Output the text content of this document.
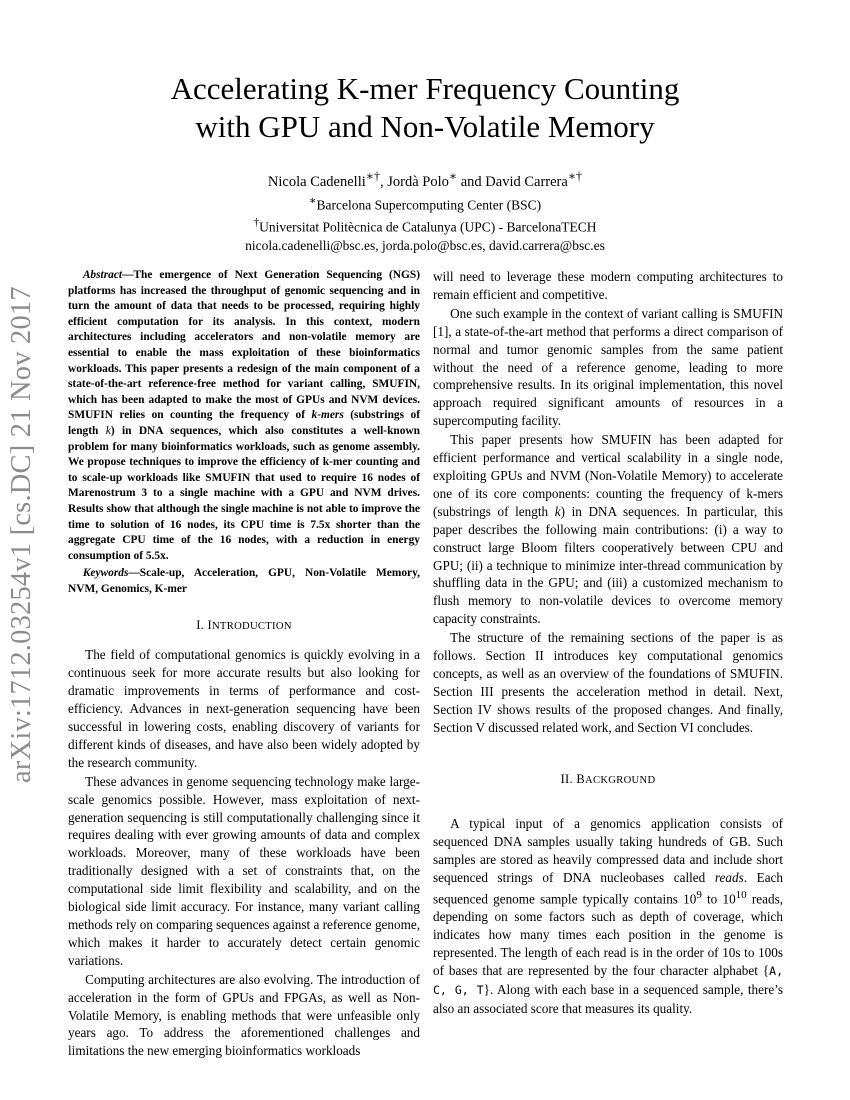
arXiv:1712.03254v1 [cs.DC] 21 Nov 2017
Accelerating K-mer Frequency Counting
with GPU and Non-Volatile Memory
Nicola Cadenelli∗†, Jordà Polo∗ and David Carrera∗†
∗Barcelona Supercomputing Center (BSC)
†Universitat Politècnica de Catalunya (UPC) - BarcelonaTECH
nicola.cadenelli@bsc.es, jorda.polo@bsc.es, david.carrera@bsc.es

Abstract—The emergence of Next Generation Sequencing (NGS) platforms has increased the throughput of genomic sequencing and in turn the amount of data that needs to be processed, requiring highly efficient computation for its analysis. In this context, modern architectures including accelerators and non-volatile memory are essential to enable the mass exploitation of these bioinformatics workloads. This paper presents a redesign of the main component of a state-of-the-art reference-free method for variant calling, SMUFIN, which has been adapted to make the most of GPUs and NVM devices. SMUFIN relies on counting the frequency of k-mers (substrings of length k) in DNA sequences, which also constitutes a well-known problem for many bioinformatics workloads, such as genome assembly. We propose techniques to improve the efficiency of k-mer counting and to scale-up workloads like SMUFIN that used to require 16 nodes of Marenostrum 3 to a single machine with a GPU and NVM drives. Results show that although the single machine is not able to improve the time to solution of 16 nodes, its CPU time is 7.5x shorter than the aggregate CPU time of the 16 nodes, with a reduction in energy consumption of 5.5x.

Keywords—Scale-up, Acceleration, GPU, Non-Volatile Memory, NVM, Genomics, K-mer

I. INTRODUCTION

The field of computational genomics is quickly evolving in a continuous seek for more accurate results but also looking for dramatic improvements in terms of performance and cost-efficiency. Advances in next-generation sequencing have been successful in lowering costs, enabling discovery of variants for different kinds of diseases, and have also been widely adopted by the research community.

These advances in genome sequencing technology make large-scale genomics possible. However, mass exploitation of next-generation sequencing is still computationally challenging since it requires dealing with ever growing amounts of data and complex workloads. Moreover, many of these workloads have been traditionally designed with a set of constraints that, on the computational side limit flexibility and scalability, and on the biological side limit accuracy. For instance, many variant calling methods rely on comparing sequences against a reference genome, which makes it harder to accurately detect certain genomic variations.

Computing architectures are also evolving. The introduction of acceleration in the form of GPUs and FPGAs, as well as Non-Volatile Memory, is enabling methods that were unfeasible only years ago. To address the aforementioned challenges and limitations the new emerging bioinformatics workloads

will need to leverage these modern computing architectures to remain efficient and competitive.

One such example in the context of variant calling is SMUFIN [1], a state-of-the-art method that performs a direct comparison of normal and tumor genomic samples from the same patient without the need of a reference genome, leading to more comprehensive results. In its original implementation, this novel approach required significant amounts of resources in a supercomputing facility.

This paper presents how SMUFIN has been adapted for efficient performance and vertical scalability in a single node, exploiting GPUs and NVM (Non-Volatile Memory) to accelerate one of its core components: counting the frequency of k-mers (substrings of length k) in DNA sequences. In particular, this paper describes the following main contributions: (i) a way to construct large Bloom filters cooperatively between CPU and GPU; (ii) a technique to minimize inter-thread communication by shuffling data in the GPU; and (iii) a customized mechanism to flush memory to non-volatile devices to overcome memory capacity constraints.

The structure of the remaining sections of the paper is as follows. Section II introduces key computational genomics concepts, as well as an overview of the foundations of SMUFIN. Section III presents the acceleration method in detail. Next, Section IV shows results of the proposed changes. And finally, Section V discussed related work, and Section VI concludes.

II. BACKGROUND

A typical input of a genomics application consists of sequenced DNA samples usually taking hundreds of GB. Such samples are stored as heavily compressed data and include short sequenced strings of DNA nucleobases called reads. Each sequenced genome sample typically contains $10^9$ to $10^{10}$ reads, depending on some factors such as depth of coverage, which indicates how many times each position in the genome is represented. The length of each read is in the order of 10s to 100s of bases that are represented by the four character alphabet {A, C, G, T}. Along with each base in a sequenced sample, there’s also an associated score that measures its quality.
